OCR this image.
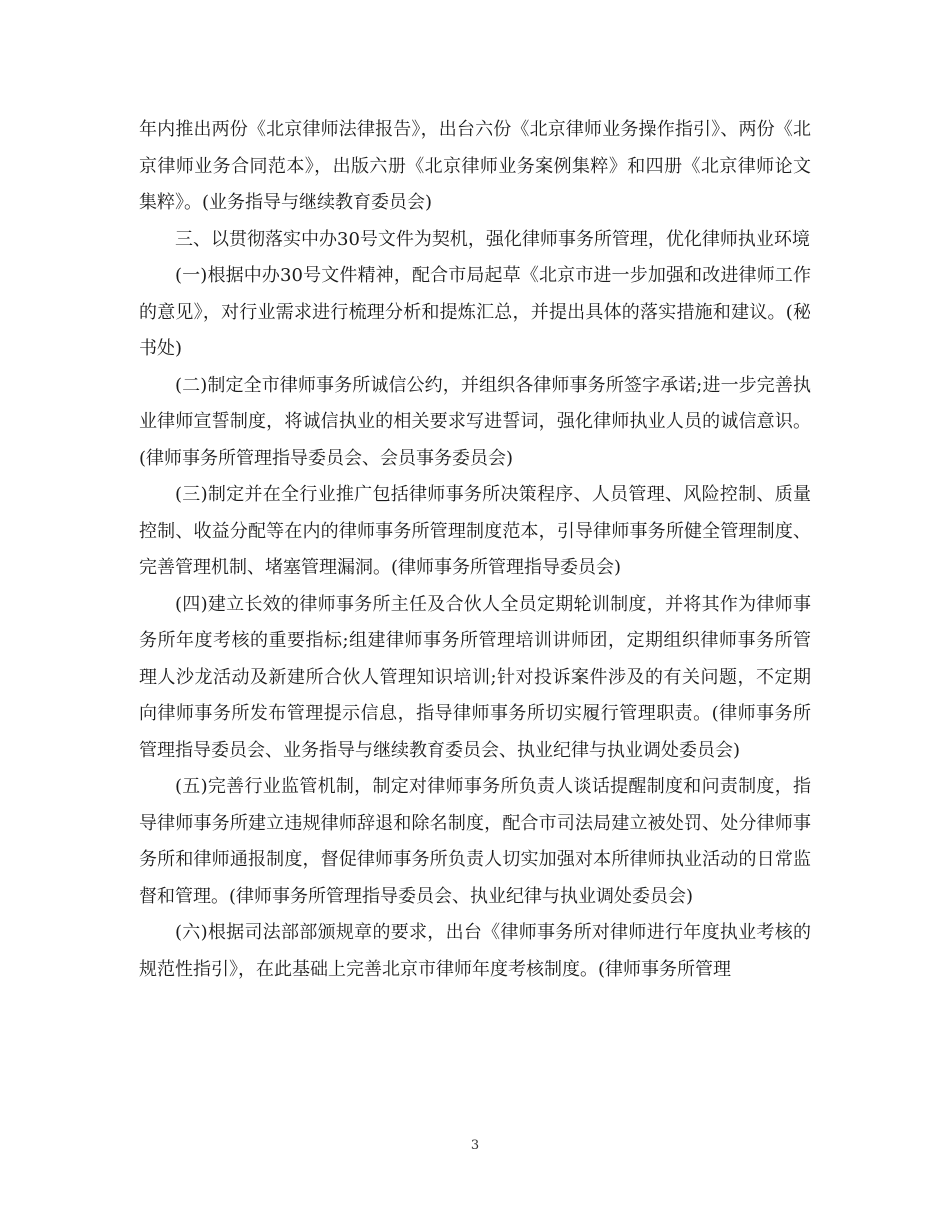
年内推出两份《北京律师法律报告》，出台六份《北京律师业务操作指引》、两份《北京律师业务合同范本》，出版六册《北京律师业务案例集粹》和四册《北京律师论文集粹》。(业务指导与继续教育委员会)

三、以贯彻落实中办30号文件为契机，强化律师事务所管理，优化律师执业环境

(一)根据中办30号文件精神，配合市局起草《北京市进一步加强和改进律师工作的意见》，对行业需求进行梳理分析和提炼汇总，并提出具体的落实措施和建议。(秘书处)

(二)制定全市律师事务所诚信公约，并组织各律师事务所签字承诺;进一步完善执业律师宣誓制度，将诚信执业的相关要求写进誓词，强化律师执业人员的诚信意识。(律师事务所管理指导委员会、会员事务委员会)

(三)制定并在全行业推广包括律师事务所决策程序、人员管理、风险控制、质量控制、收益分配等在内的律师事务所管理制度范本，引导律师事务所健全管理制度、完善管理机制、堵塞管理漏洞。(律师事务所管理指导委员会)

(四)建立长效的律师事务所主任及合伙人全员定期轮训制度，并将其作为律师事务所年度考核的重要指标;组建律师事务所管理培训讲师团，定期组织律师事务所管理人沙龙活动及新建所合伙人管理知识培训;针对投诉案件涉及的有关问题，不定期向律师事务所发布管理提示信息，指导律师事务所切实履行管理职责。(律师事务所管理指导委员会、业务指导与继续教育委员会、执业纪律与执业调处委员会)

(五)完善行业监管机制，制定对律师事务所负责人谈话提醒制度和问责制度，指导律师事务所建立违规律师辞退和除名制度，配合市司法局建立被处罚、处分律师事务所和律师通报制度，督促律师事务所负责人切实加强对本所律师执业活动的日常监督和管理。(律师事务所管理指导委员会、执业纪律与执业调处委员会)

(六)根据司法部部颁规章的要求，出台《律师事务所对律师进行年度执业考核的规范性指引》，在此基础上完善北京市律师年度考核制度。(律师事务所管理

3
